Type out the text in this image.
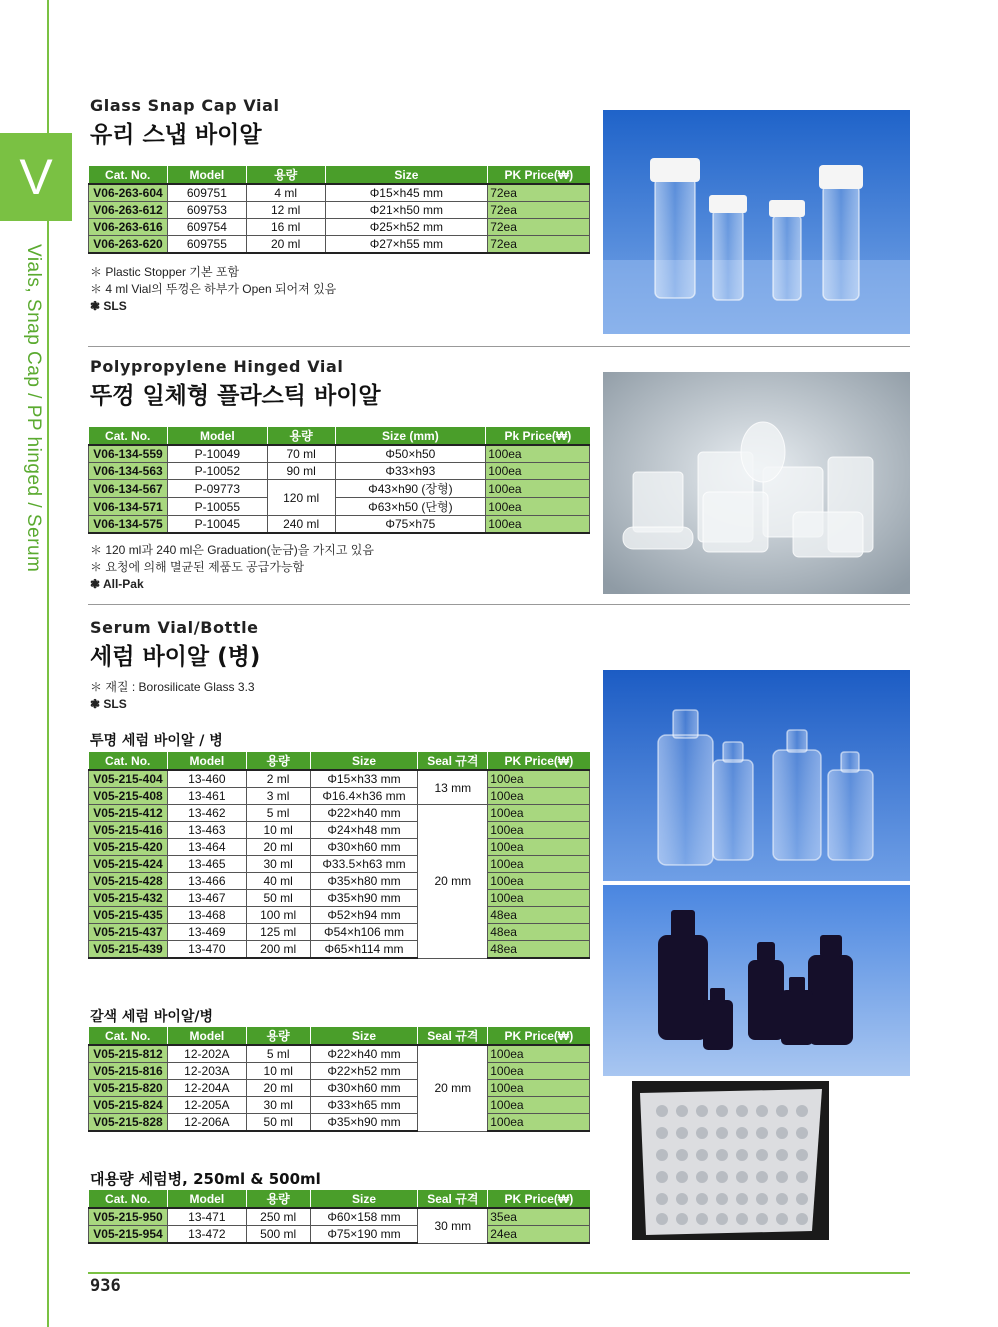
V
Vials, Snap Cap / PP hinged / Serum
Glass Snap Cap Vial
유리 스냅 바이알
Cat. No.	Model	용량	Size	PK Price(₩)
V06-263-604	609751	4 ml	Φ15×h45 mm	72ea
V06-263-612	609753	12 ml	Φ21×h50 mm	72ea
V06-263-616	609754	16 ml	Φ25×h52 mm	72ea
V06-263-620	609755	20 ml	Φ27×h55 mm	72ea
＊ Plastic Stopper 기본 포함
＊ 4 ml Vial의 뚜껑은 하부가 Open 되어져 있음
❃ SLS
Polypropylene Hinged Vial
뚜껑 일체형 플라스틱 바이알
Cat. No.	Model	용량	Size (mm)	Pk Price(₩)
V06-134-559	P-10049	70 ml	Φ50×h50	100ea
V06-134-563	P-10052	90 ml	Φ33×h93	100ea
V06-134-567	P-09773	120 ml	Φ43×h90 (장형)	100ea
V06-134-571	P-10055		Φ63×h50 (단형)	100ea
V06-134-575	P-10045	240 ml	Φ75×h75	100ea
＊ 120 ml과 240 ml은 Graduation(눈금)을 가지고 있음
＊ 요청에 의해 멸균된 제품도 공급가능함
❃ All-Pak
Serum Vial/Bottle
세럼 바이알 (병)
＊ 재질 : Borosilicate Glass 3.3
❃ SLS
투명 세럼 바이알 / 병
Cat. No.	Model	용량	Size	Seal 규격	PK Price(₩)
V05-215-404	13-460	2 ml	Φ15×h33 mm	13 mm	100ea
V05-215-408	13-461	3 ml	Φ16.4×h36 mm		100ea
V05-215-412	13-462	5 ml	Φ22×h40 mm	20 mm	100ea
V05-215-416	13-463	10 ml	Φ24×h48 mm		100ea
V05-215-420	13-464	20 ml	Φ30×h60 mm		100ea
V05-215-424	13-465	30 ml	Φ33.5×h63 mm		100ea
V05-215-428	13-466	40 ml	Φ35×h80 mm		100ea
V05-215-432	13-467	50 ml	Φ35×h90 mm		100ea
V05-215-435	13-468	100 ml	Φ52×h94 mm		48ea
V05-215-437	13-469	125 ml	Φ54×h106 mm		48ea
V05-215-439	13-470	200 ml	Φ65×h114 mm		48ea
갈색 세럼 바이알/병
Cat. No.	Model	용량	Size	Seal 규격	PK Price(₩)
V05-215-812	12-202A	5 ml	Φ22×h40 mm	20 mm	100ea
V05-215-816	12-203A	10 ml	Φ22×h52 mm		100ea
V05-215-820	12-204A	20 ml	Φ30×h60 mm		100ea
V05-215-824	12-205A	30 ml	Φ33×h65 mm		100ea
V05-215-828	12-206A	50 ml	Φ35×h90 mm		100ea
대용량 세럼병, 250ml & 500ml
Cat. No.	Model	용량	Size	Seal 규격	PK Price(₩)
V05-215-950	13-471	250 ml	Φ60×158 mm	30 mm	35ea
V05-215-954	13-472	500 ml	Φ75×190 mm		24ea
936
